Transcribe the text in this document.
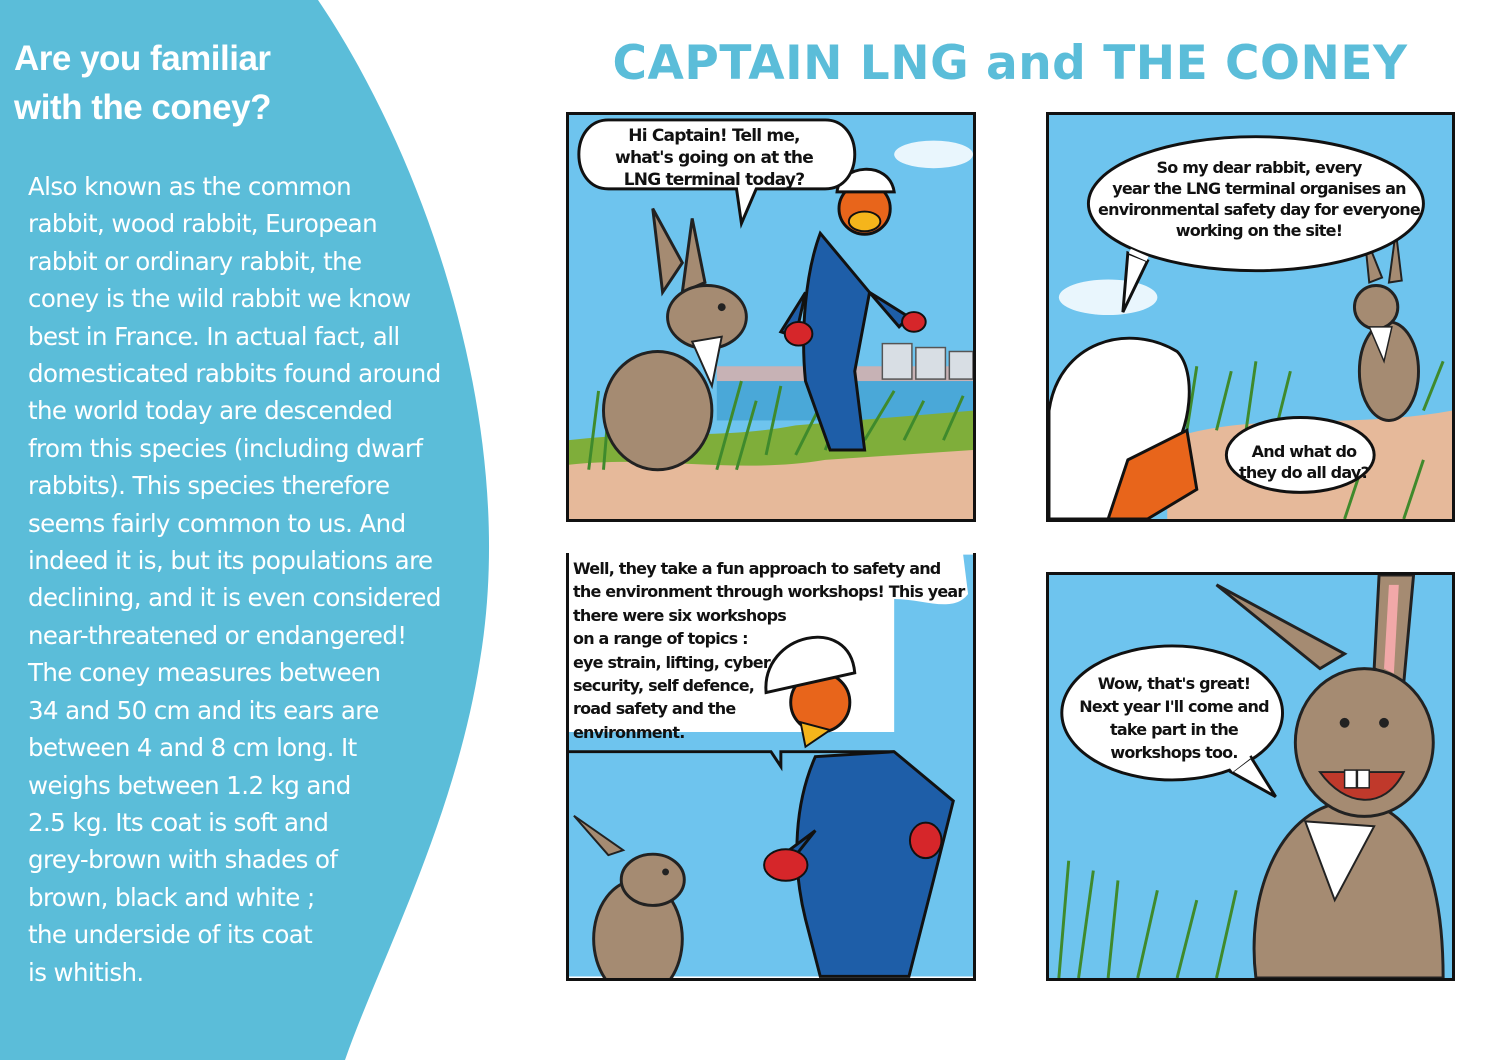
Are you familiar
with the coney?
Also known as the common
rabbit, wood rabbit, European
rabbit or ordinary rabbit, the
coney is the wild rabbit we know
best in France. In actual fact, all
domesticated rabbits found around
the world today are descended
from this species (including dwarf
rabbits). This species therefore
seems fairly common to us. And
indeed it is, but its populations are
declining, and it is even considered
near-threatened or endangered!
The coney measures between
34 and 50 cm and its ears are
between 4 and 8 cm long. It
weighs between 1.2 kg and
2.5 kg. Its coat is soft and
grey-brown with shades of
brown, black and white ;
the underside of its coat
is whitish.
CAPTAIN LNG and THE CONEY
Hi Captain! Tell me,
what's going on at the
LNG terminal today?
So my dear rabbit, every
year the LNG terminal organises an
environmental safety day for everyone
working on the site!
And what do
they do all day?
Well, they take a fun approach to safety and
the environment through workshops! This year
there were six workshops
on a range of topics :
eye strain, lifting, cyber
security, self defence,
road safety and the
environment.
Wow, that's great!
Next year I'll come and
take part in the
workshops too.
